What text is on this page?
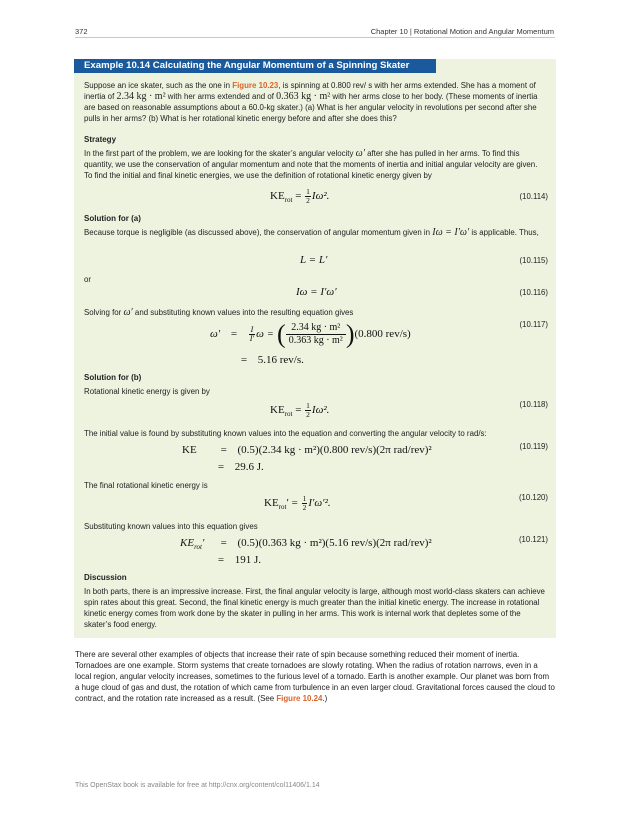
372	Chapter 10 | Rotational Motion and Angular Momentum
Example 10.14 Calculating the Angular Momentum of a Spinning Skater
Suppose an ice skater, such as the one in Figure 10.23, is spinning at 0.800 rev/ s with her arms extended. She has a moment of inertia of 2.34 kg · m² with her arms extended and of 0.363 kg · m² with her arms close to her body. (These moments of inertia are based on reasonable assumptions about a 60.0-kg skater.) (a) What is her angular velocity in revolutions per second after she pulls in her arms? (b) What is her rotational kinetic energy before and after she does this?
Strategy
In the first part of the problem, we are looking for the skater’s angular velocity ω′ after she has pulled in her arms. To find this quantity, we use the conservation of angular momentum and note that the moments of inertia and initial angular velocity are given. To find the initial and final kinetic energies, we use the definition of rotational kinetic energy given by
$KE_{rot} = \frac{1}{2} I\omega^2$.	(10.114)
Solution for (a)
Because torque is negligible (as discussed above), the conservation of angular momentum given in Iω = I′ω′ is applicable. Thus,
L = L′	(10.115)
or
Iω = I′ω′	(10.116)
Solving for ω′ and substituting known values into the resulting equation gives
$\omega' = \frac{I}{I'}$ ω = ( $\frac{\text{2.34 kg · m²}}{\text{0.363 kg · m²}} )(0.800$ rev/s)
= 5.16 rev/s.
(10.117)
Solution for (b)
Rotational kinetic energy is given by
$KE_{rot} = \frac{1}{2} I\omega^2$.	(10.118)
The initial value is found by substituting known values into the equation and converting the angular velocity to rad/s:
KE = (0.5)(2.34 kg · m²)(0.800 rev/s)(2π rad/rev)²
= 29.6 J.
(10.119)
The final rotational kinetic energy is
$KE_{rot}' = \frac{1}{2} I'\omega'^2$.	(10.120)
Substituting known values into this equation gives
$KE_{rot}' = (0.5)(0.363$ kg · m²)(5.16 rev/s)(2π rad/rev)²
= 191 J.
(10.121)
Discussion
In both parts, there is an impressive increase. First, the final angular velocity is large, although most world-class skaters can achieve spin rates about this great. Second, the final kinetic energy is much greater than the initial kinetic energy. The increase in rotational kinetic energy comes from work done by the skater in pulling in her arms. This work is internal work that depletes some of the skater’s food energy.
There are several other examples of objects that increase their rate of spin because something reduced their moment of inertia. Tornadoes are one example. Storm systems that create tornadoes are slowly rotating. When the radius of rotation narrows, even in a local region, angular velocity increases, sometimes to the furious level of a tornado. Earth is another example. Our planet was born from a huge cloud of gas and dust, the rotation of which came from turbulence in an even larger cloud. Gravitational forces caused the cloud to contract, and the rotation rate increased as a result. (See Figure 10.24.)
This OpenStax book is available for free at http://cnx.org/content/col11406/1.14
